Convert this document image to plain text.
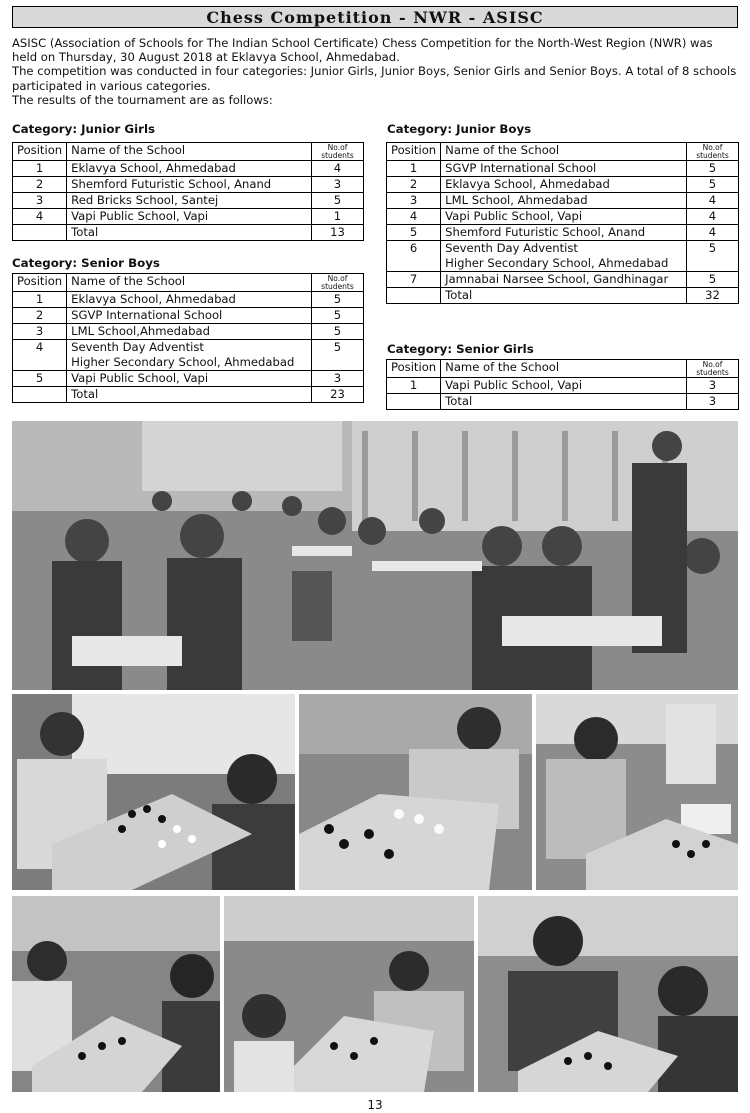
Chess Competition - NWR - ASISC

ASISC (Association of Schools for The Indian School Certificate) Chess Competition for the North-West Region (NWR) was held on Thursday, 30 August 2018 at Eklavya School, Ahmedabad.

The competition was conducted in four categories: Junior Girls, Junior Boys, Senior Girls and Senior Boys. A total of 8 schools participated in various categories.

The results of the tournament are as follows:

Category: Junior Girls
Position	Name of the School	No.of students
1	Eklavya School, Ahmedabad	4
2	Shemford Futuristic School, Anand	3
3	Red Bricks School, Santej	5
4	Vapi Public School, Vapi	1
	Total	13
Category: Senior Boys
Position	Name of the School	No.of students
1	Eklavya School, Ahmedabad	5
2	SGVP International School	5
3	LML School,Ahmedabad	5
4	Seventh Day Adventist
Higher Secondary School, Ahmedabad	5
5	Vapi Public School, Vapi	3
	Total	23
Category: Junior Boys
Position	Name of the School	No.of students
1	SGVP International School	5
2	Eklavya School, Ahmedabad	5
3	LML School, Ahmedabad	4
4	Vapi Public School, Vapi	4
5	Shemford Futuristic School, Anand	4
6	Seventh Day Adventist
Higher Secondary School, Ahmedabad	5
7	Jamnabai Narsee School, Gandhinagar	5
	Total	32
Category: Senior Girls
Position	Name of the School	No.of students
1	Vapi Public School, Vapi	3
	Total	3
13
